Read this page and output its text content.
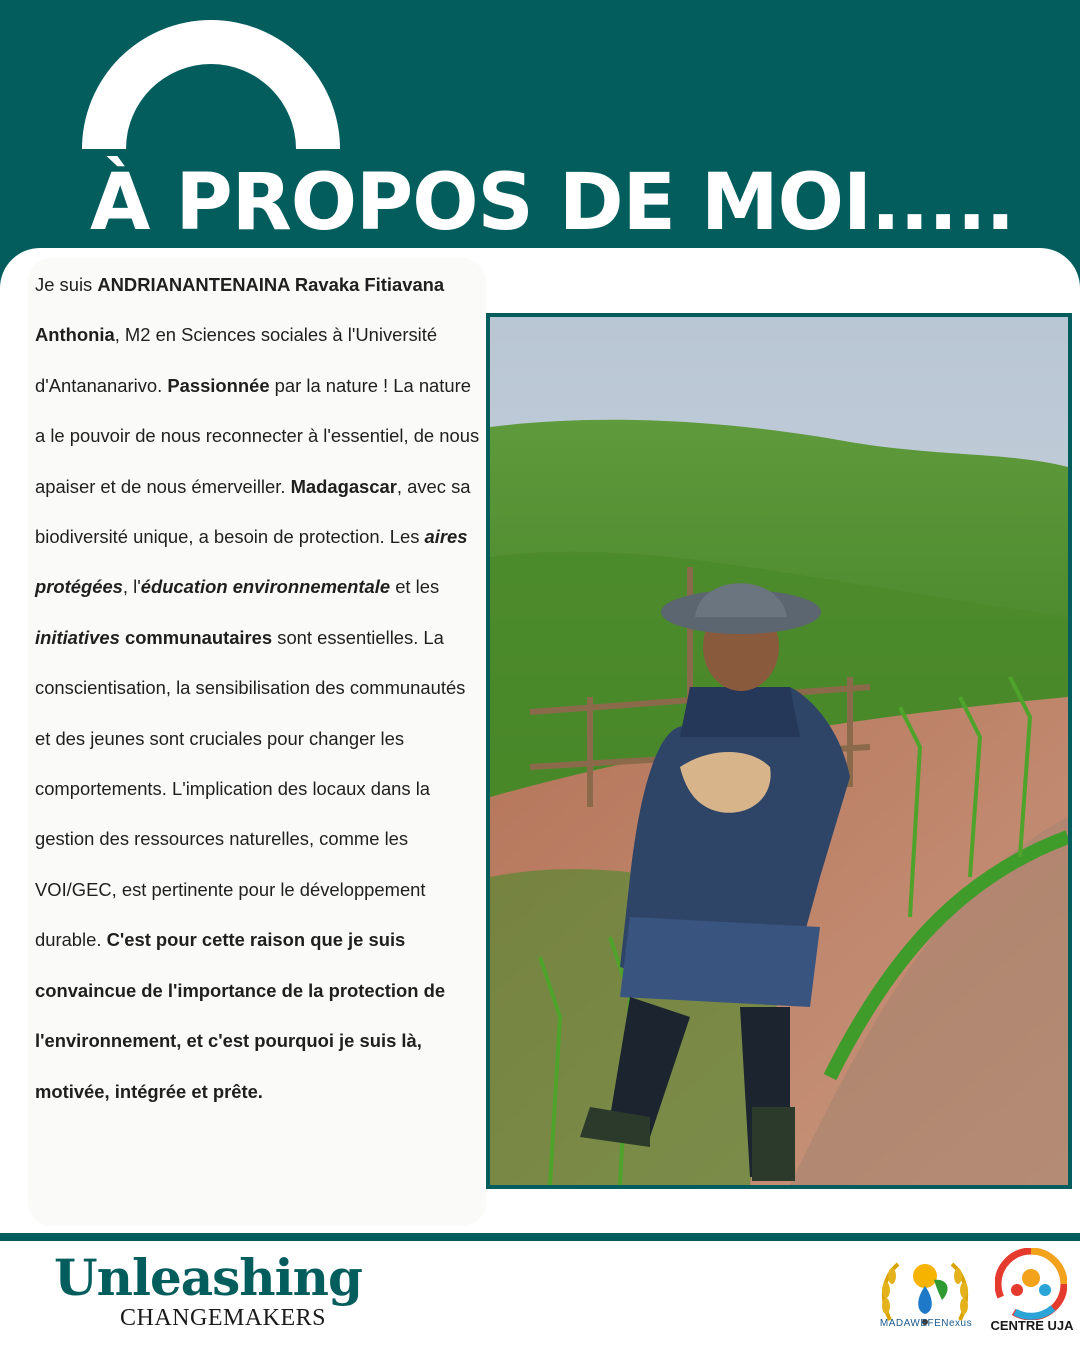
À PROPOS DE MOI.....

Je suis ANDRIANANTENAINA Ravaka Fitiavana Anthonia, M2 en Sciences sociales à l'Université d'Antananarivo. Passionnée par la nature ! La nature a le pouvoir de nous reconnecter à l'essentiel, de nous apaiser et de nous émerveiller. Madagascar, avec sa biodiversité unique, a besoin de protection. Les aires protégées, l'éducation environnementale et les initiatives communautaires sont essentielles. La conscientisation, la sensibilisation des communautés et des jeunes sont cruciales pour changer les comportements. L'implication des locaux dans la gestion des ressources naturelles, comme les VOI/GEC, est pertinente pour le développement durable. C'est pour cette raison que je suis convaincue de l'importance de la protection de l'environnement, et c'est pourquoi je suis là, motivée, intégrée et prête.

Unleashing
CHANGEMAKERS	MADAWEFENexus	CENTRE UJA
